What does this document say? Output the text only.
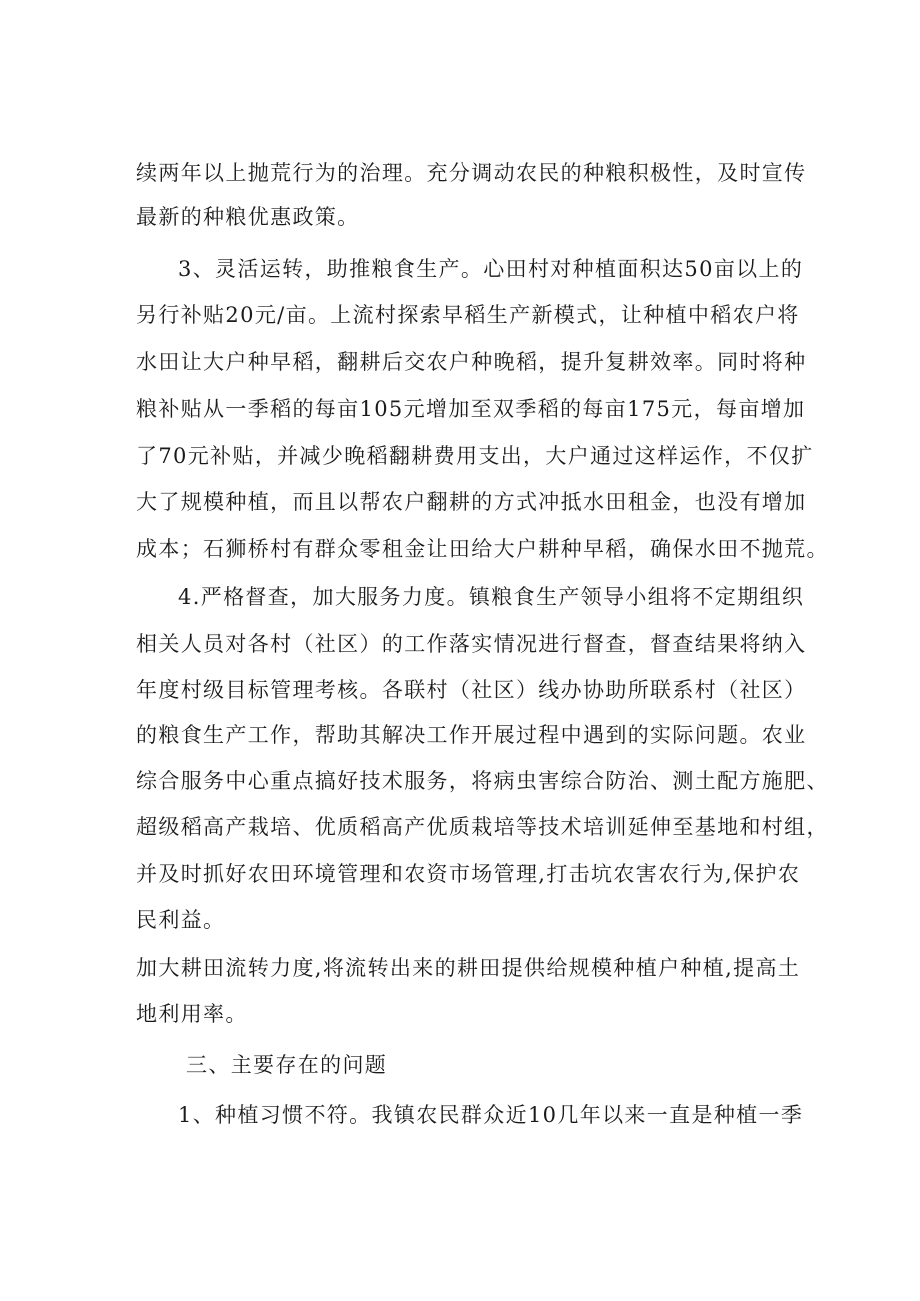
续两年以上抛荒行为的治理。充分调动农民的种粮积极性，及时宣传
最新的种粮优惠政策。
3、灵活运转，助推粮食生产。心田村对种植面积达50亩以上的
另行补贴20元/亩。上流村探索早稻生产新模式，让种植中稻农户将
水田让大户种早稻，翻耕后交农户种晚稻，提升复耕效率。同时将种
粮补贴从一季稻的每亩105元增加至双季稻的每亩175元，每亩增加
了70元补贴，并减少晚稻翻耕费用支出，大户通过这样运作，不仅扩
大了规模种植，而且以帮农户翻耕的方式冲抵水田租金，也没有增加
成本；石狮桥村有群众零租金让田给大户耕种早稻，确保水田不抛荒。
4.严格督查，加大服务力度。镇粮食生产领导小组将不定期组织
相关人员对各村（社区）的工作落实情况进行督查，督查结果将纳入
年度村级目标管理考核。各联村（社区）线办协助所联系村（社区）
的粮食生产工作，帮助其解决工作开展过程中遇到的实际问题。农业
综合服务中心重点搞好技术服务，将病虫害综合防治、测土配方施肥、
超级稻高产栽培、优质稻高产优质栽培等技术培训延伸至基地和村组，
并及时抓好农田环境管理和农资市场管理,打击坑农害农行为,保护农
民利益。
加大耕田流转力度,将流转出来的耕田提供给规模种植户种植,提高土
地利用率。
三、主要存在的问题
1、种植习惯不符。我镇农民群众近10几年以来一直是种植一季
